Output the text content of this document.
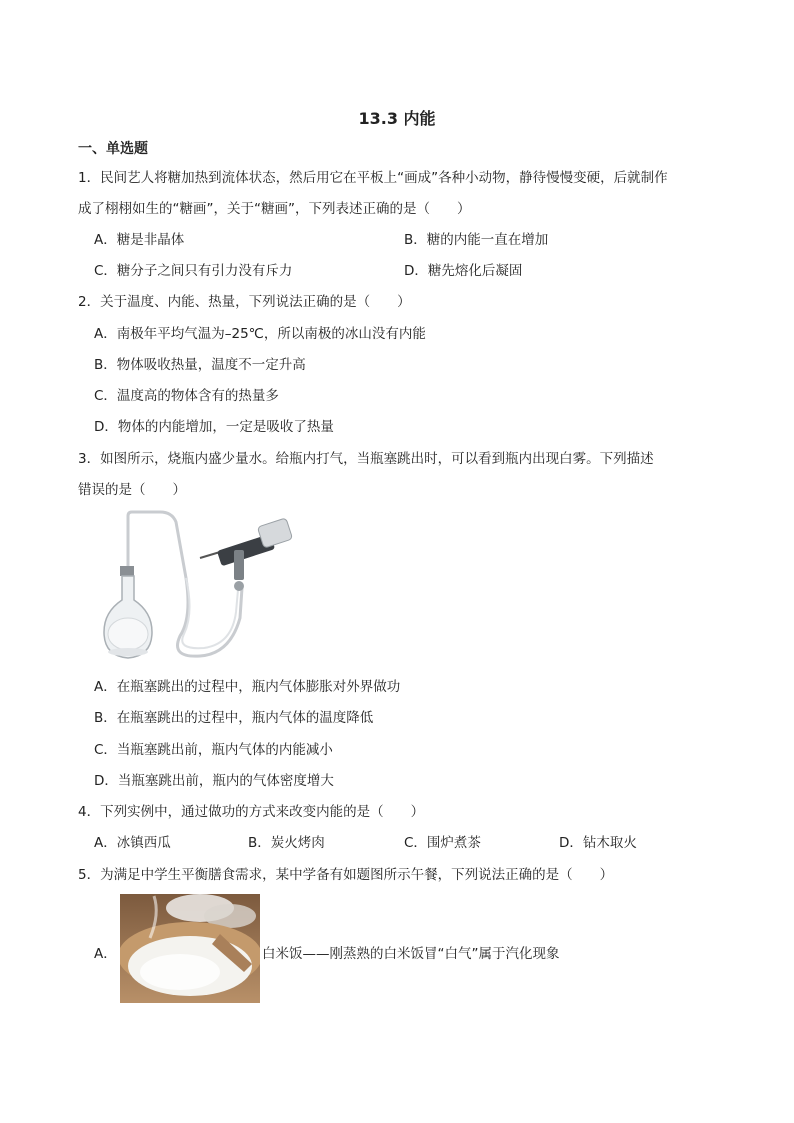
13.3 内能
一、单选题
1．民间艺人将糖加热到流体状态，然后用它在平板上“画成”各种小动物，静待慢慢变硬，后就制作
成了栩栩如生的“糖画”，关于“糖画”，下列表述正确的是（　　）
A．糖是非晶体	B．糖的内能一直在增加
C．糖分子之间只有引力没有斥力	D．糖先熔化后凝固
2．关于温度、内能、热量，下列说法正确的是（　　）
A．南极年平均气温为–25℃，所以南极的冰山没有内能
B．物体吸收热量，温度不一定升高
C．温度高的物体含有的热量多
D．物体的内能增加，一定是吸收了热量
3．如图所示，烧瓶内盛少量水。给瓶内打气，当瓶塞跳出时，可以看到瓶内出现白雾。下列描述
错误的是（　　）
A．在瓶塞跳出的过程中，瓶内气体膨胀对外界做功
B．在瓶塞跳出的过程中，瓶内气体的温度降低
C．当瓶塞跳出前，瓶内气体的内能减小
D．当瓶塞跳出前，瓶内的气体密度增大
4．下列实例中，通过做功的方式来改变内能的是（　　）
A．冰镇西瓜	B．炭火烤肉	C．围炉煮茶	D．钻木取火
5．为满足中学生平衡膳食需求，某中学备有如题图所示午餐，下列说法正确的是（　　）
A．	白米饭——刚蒸熟的白米饭冒“白气”属于汽化现象
